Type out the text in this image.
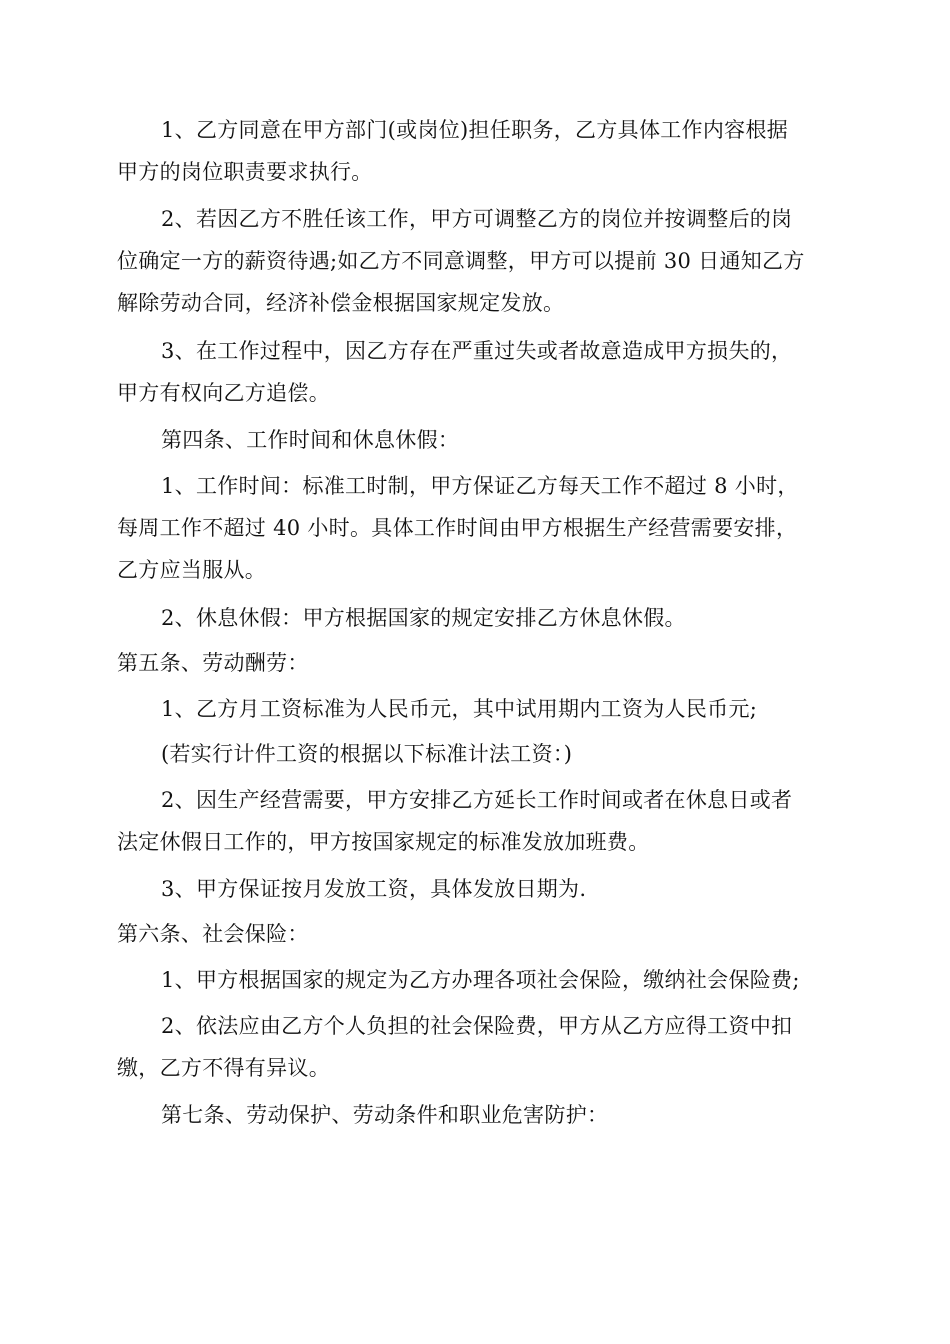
1、乙方同意在甲方部门(或岗位)担任职务，乙方具体工作内容根据

甲方的岗位职责要求执行。

2、若因乙方不胜任该工作，甲方可调整乙方的岗位并按调整后的岗

位确定一方的薪资待遇;如乙方不同意调整，甲方可以提前 30 日通知乙方

解除劳动合同，经济补偿金根据国家规定发放。

3、在工作过程中，因乙方存在严重过失或者故意造成甲方损失的，

甲方有权向乙方追偿。

第四条、工作时间和休息休假：

1、工作时间：标准工时制，甲方保证乙方每天工作不超过 8 小时，

每周工作不超过 40 小时。具体工作时间由甲方根据生产经营需要安排，

乙方应当服从。

2、休息休假：甲方根据国家的规定安排乙方休息休假。

第五条、劳动酬劳：

1、乙方月工资标准为人民币元，其中试用期内工资为人民币元;

(若实行计件工资的根据以下标准计法工资：)

2、因生产经营需要，甲方安排乙方延长工作时间或者在休息日或者

法定休假日工作的，甲方按国家规定的标准发放加班费。

3、甲方保证按月发放工资，具体发放日期为.

第六条、社会保险：

1、甲方根据国家的规定为乙方办理各项社会保险，缴纳社会保险费;

2、依法应由乙方个人负担的社会保险费，甲方从乙方应得工资中扣

缴，乙方不得有异议。

第七条、劳动保护、劳动条件和职业危害防护：
